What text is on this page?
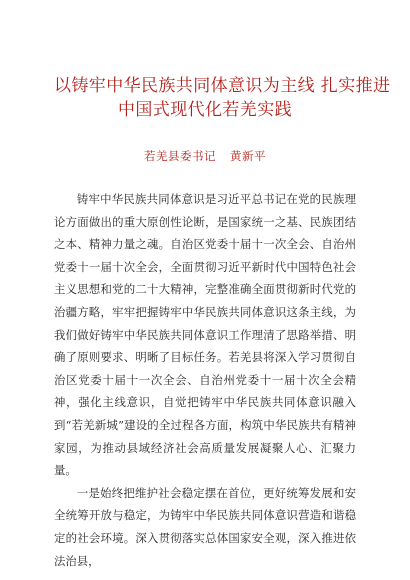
以铸牢中华民族共同体意识为主线 扎实推进
中国式现代化若羌实践
若羌县委书记 黄新平

铸牢中华民族共同体意识是习近平总书记在党的民族理论方面做出的重大原创性论断，是国家统一之基、民族团结之本、精神力量之魂。自治区党委十届十一次全会、自治州党委十一届十次全会，全面贯彻习近平新时代中国特色社会主义思想和党的二十大精神，完整准确全面贯彻新时代党的治疆方略，牢牢把握铸牢中华民族共同体意识这条主线，为我们做好铸牢中华民族共同体意识工作理清了思路举措、明确了原则要求、明晰了目标任务。若羌县将深入学习贯彻自治区党委十届十一次全会、自治州党委十一届十次全会精神，强化主线意识，自觉把铸牢中华民族共同体意识融入到“若羌新城”建设的全过程各方面，构筑中华民族共有精神家园，为推动县域经济社会高质量发展凝聚人心、汇聚力量。

一是始终把维护社会稳定摆在首位，更好统筹发展和安全统筹开放与稳定，为铸牢中华民族共同体意识营造和谐稳定的社会环境。深入贯彻落实总体国家安全观，深入推进依法治县，
